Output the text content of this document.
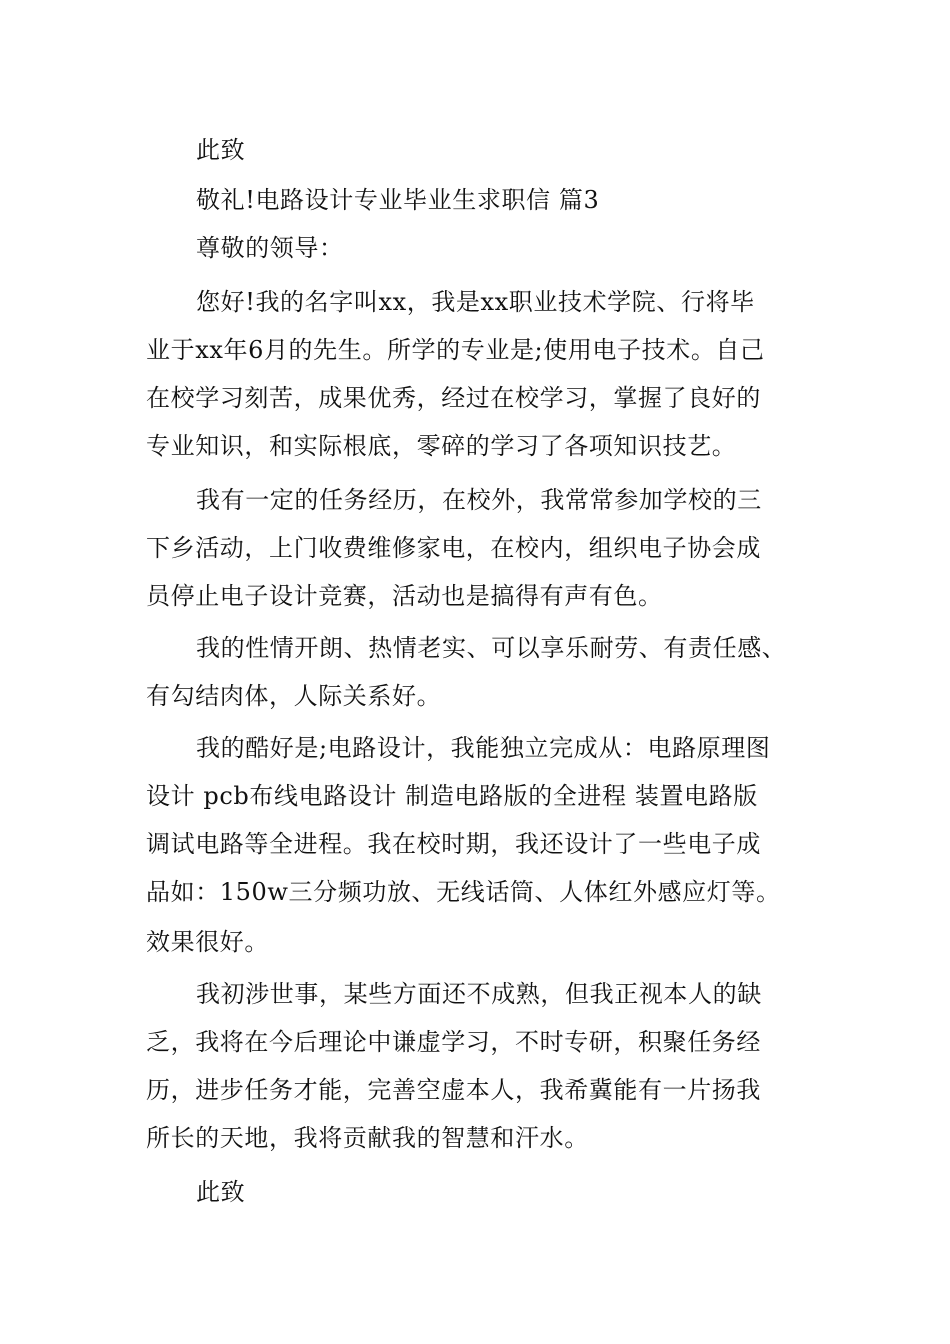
此致
敬礼!电路设计专业毕业生求职信 篇3
尊敬的领导：
您好!我的名字叫xx，我是xx职业技术学院、行将毕
业于xx年6月的先生。所学的专业是;使用电子技术。自己
在校学习刻苦，成果优秀，经过在校学习，掌握了良好的
专业知识，和实际根底，零碎的学习了各项知识技艺。
我有一定的任务经历，在校外，我常常参加学校的三
下乡活动，上门收费维修家电，在校内，组织电子协会成
员停止电子设计竞赛，活动也是搞得有声有色。
我的性情开朗、热情老实、可以享乐耐劳、有责任感、
有勾结肉体，人际关系好。
我的酷好是;电路设计，我能独立完成从：电路原理图
设计 pcb布线电路设计 制造电路版的全进程 装置电路版
调试电路等全进程。我在校时期，我还设计了一些电子成
品如：150w三分频功放、无线话筒、人体红外感应灯等。
效果很好。
我初涉世事，某些方面还不成熟，但我正视本人的缺
乏，我将在今后理论中谦虚学习，不时专研，积聚任务经
历，进步任务才能，完善空虚本人，我希冀能有一片扬我
所长的天地，我将贡献我的智慧和汗水。
此致
